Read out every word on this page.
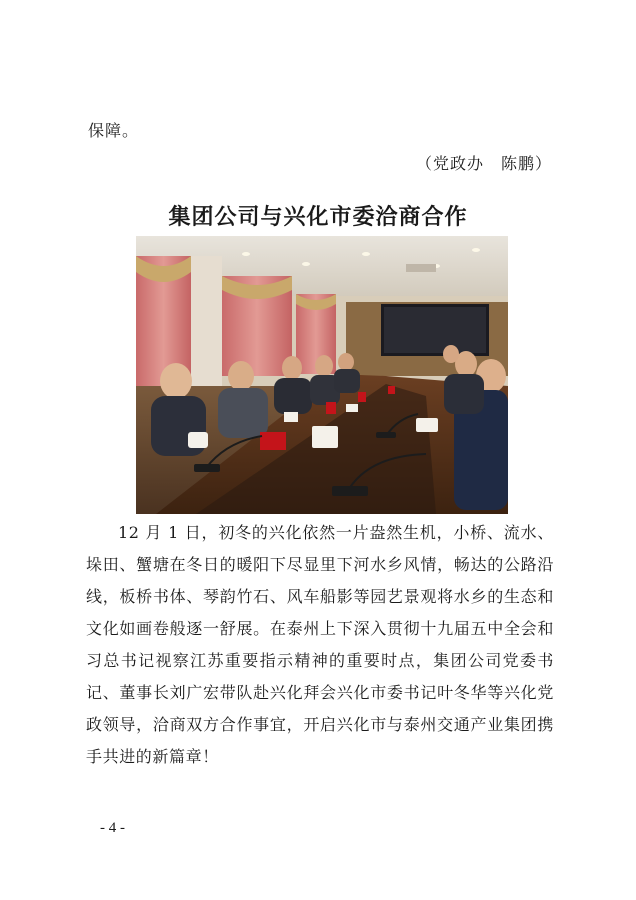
保障。
（党政办　陈鹏）
集团公司与兴化市委洽商合作

12 月 1 日，初冬的兴化依然一片盎然生机，小桥、流水、垛田、蟹塘在冬日的暖阳下尽显里下河水乡风情，畅达的公路沿线，板桥书体、琴韵竹石、风车船影等园艺景观将水乡的生态和文化如画卷般逐一舒展。在泰州上下深入贯彻十九届五中全会和习总书记视察江苏重要指示精神的重要时点，集团公司党委书记、董事长刘广宏带队赴兴化拜会兴化市委书记叶冬华等兴化党政领导，洽商双方合作事宜，开启兴化市与泰州交通产业集团携手共进的新篇章！

- 4 -
